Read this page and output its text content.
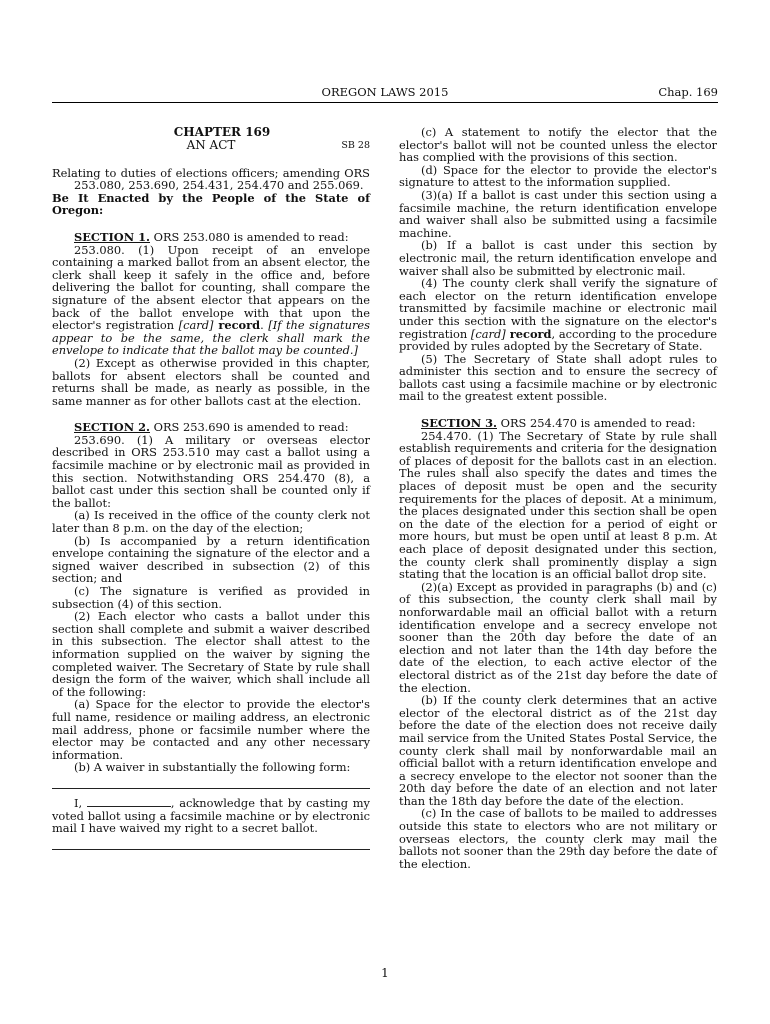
OREGON LAWS 2015	Chap. 169

CHAPTER 169

AN ACT	SB 28

Relating to duties of elections officers; amending ORS 253.080, 253.690, 254.431, 254.470 and 255.069.

Be It Enacted by the People of the State of Oregon:

SECTION 1. ORS 253.080 is amended to read:

253.080. (1) Upon receipt of an envelope containing a marked ballot from an absent elector, the clerk shall keep it safely in the office and, before delivering the ballot for counting, shall compare the signature of the absent elector that appears on the back of the ballot envelope with that upon the elector's registration [card] record. [If the signatures appear to be the same, the clerk shall mark the envelope to indicate that the ballot may be counted.]

(2) Except as otherwise provided in this chapter, ballots for absent electors shall be counted and returns shall be made, as nearly as possible, in the same manner as for other ballots cast at the election.

SECTION 2. ORS 253.690 is amended to read:

253.690. (1) A military or overseas elector described in ORS 253.510 may cast a ballot using a facsimile machine or by electronic mail as provided in this section. Notwithstanding ORS 254.470 (8), a ballot cast under this section shall be counted only if the ballot:

(a) Is received in the office of the county clerk not later than 8 p.m. on the day of the election;

(b) Is accompanied by a return identification envelope containing the signature of the elector and a signed waiver described in subsection (2) of this section; and

(c) The signature is verified as provided in subsection (4) of this section.

(2) Each elector who casts a ballot under this section shall complete and submit a waiver described in this subsection. The elector shall attest to the information supplied on the waiver by signing the completed waiver. The Secretary of State by rule shall design the form of the waiver, which shall include all of the following:

(a) Space for the elector to provide the elector's full name, residence or mailing address, an electronic mail address, phone or facsimile number where the elector may be contacted and any other necessary information.

(b) A waiver in substantially the following form:

I,	, acknowledge that by casting my voted ballot using a facsimile machine or by electronic mail I have waived my right to a secret ballot.

(c) A statement to notify the elector that the elector's ballot will not be counted unless the elector has complied with the provisions of this section.

(d) Space for the elector to provide the elector's signature to attest to the information supplied.

(3)(a) If a ballot is cast under this section using a facsimile machine, the return identification envelope and waiver shall also be submitted using a facsimile machine.

(b) If a ballot is cast under this section by electronic mail, the return identification envelope and waiver shall also be submitted by electronic mail.

(4) The county clerk shall verify the signature of each elector on the return identification envelope transmitted by facsimile machine or electronic mail under this section with the signature on the elector's registration [card] record, according to the procedure provided by rules adopted by the Secretary of State.

(5) The Secretary of State shall adopt rules to administer this section and to ensure the secrecy of ballots cast using a facsimile machine or by electronic mail to the greatest extent possible.

SECTION 3. ORS 254.470 is amended to read:

254.470. (1) The Secretary of State by rule shall establish requirements and criteria for the designation of places of deposit for the ballots cast in an election. The rules shall also specify the dates and times the places of deposit must be open and the security requirements for the places of deposit. At a minimum, the places designated under this section shall be open on the date of the election for a period of eight or more hours, but must be open until at least 8 p.m. At each place of deposit designated under this section, the county clerk shall prominently display a sign stating that the location is an official ballot drop site.

(2)(a) Except as provided in paragraphs (b) and (c) of this subsection, the county clerk shall mail by nonforwardable mail an official ballot with a return identification envelope and a secrecy envelope not sooner than the 20th day before the date of an election and not later than the 14th day before the date of the election, to each active elector of the electoral district as of the 21st day before the date of the election.

(b) If the county clerk determines that an active elector of the electoral district as of the 21st day before the date of the election does not receive daily mail service from the United States Postal Service, the county clerk shall mail by nonforwardable mail an official ballot with a return identification envelope and a secrecy envelope to the elector not sooner than the 20th day before the date of an election and not later than the 18th day before the date of the election.

(c) In the case of ballots to be mailed to addresses outside this state to electors who are not military or overseas electors, the county clerk may mail the ballots not sooner than the 29th day before the date of the election.

1
